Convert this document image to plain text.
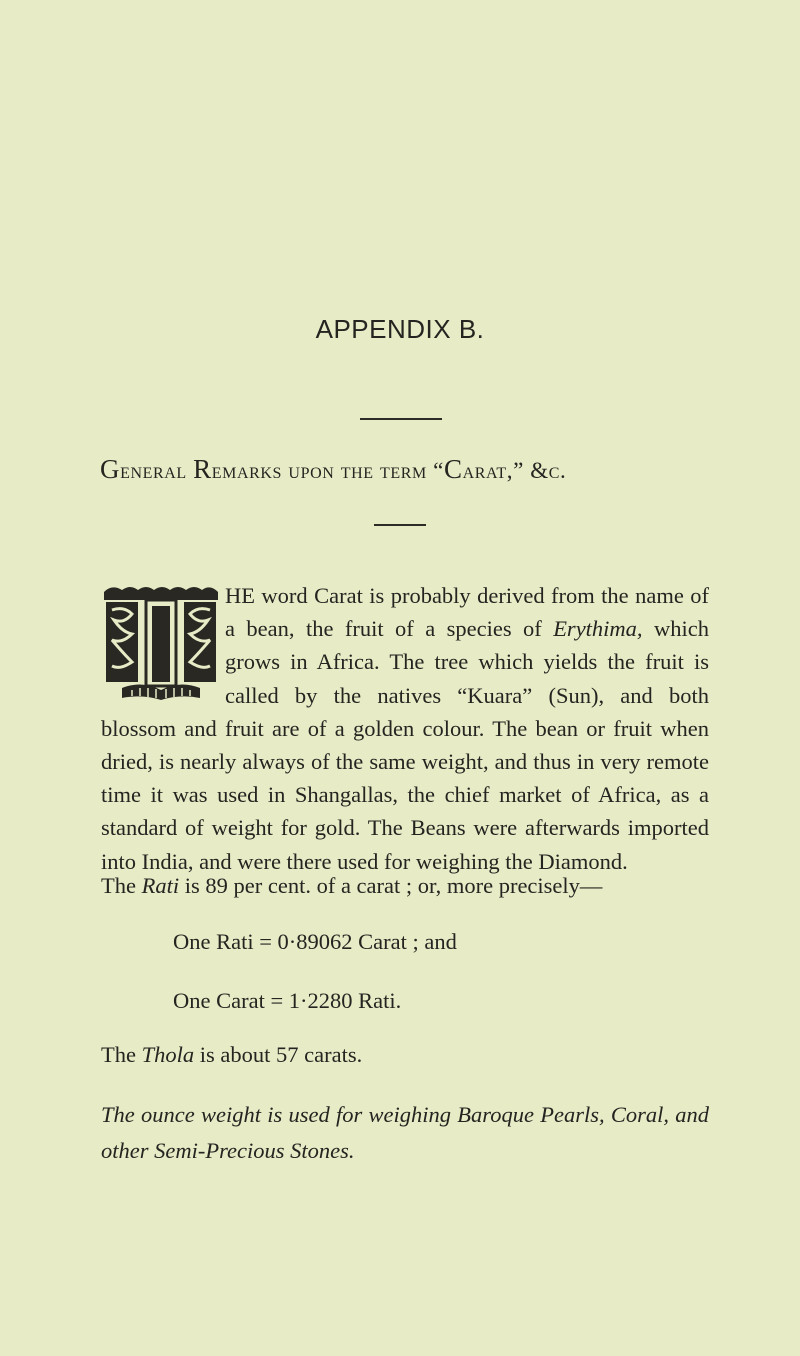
APPENDIX B.
General Remarks upon the term “Carat,” &c.
HE word Carat is probably derived from the name of a bean, the fruit of a species of Erythima, which grows in Africa. The tree which yields the fruit is called by the natives “Kuara” (Sun), and both blossom and fruit are of a golden colour. The bean or fruit when dried, is nearly always of the same weight, and thus in very remote time it was used in Shangallas, the chief market of Africa, as a standard of weight for gold. The Beans were afterwards imported into India, and were there used for weighing the Diamond.
The Rati is 89 per cent. of a carat ; or, more precisely—
One Rati = 0·89062 Carat ; and
One Carat = 1·2280 Rati.
The Thola is about 57 carats.
The ounce weight is used for weighing Baroque Pearls, Coral, and other Semi-Precious Stones.
